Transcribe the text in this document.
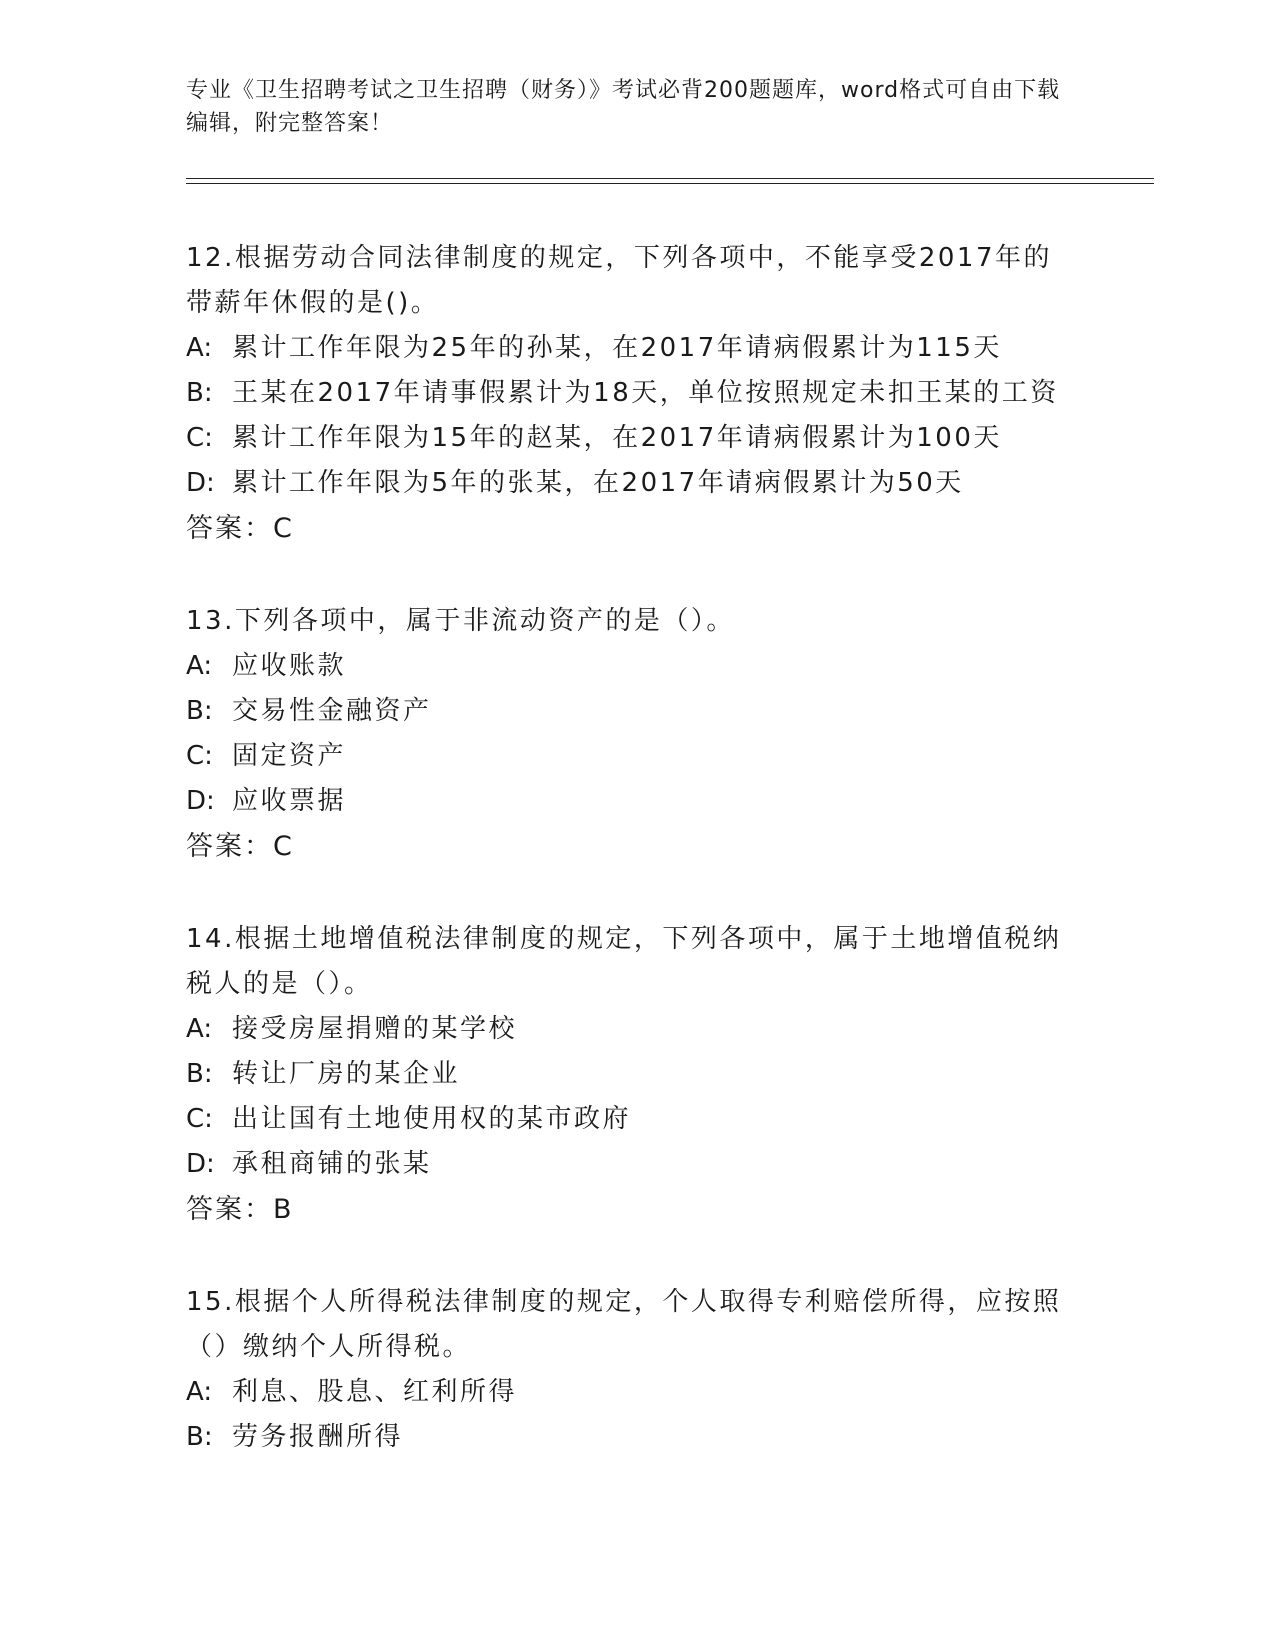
专业《卫生招聘考试之卫生招聘（财务）》考试必背200题题库，word格式可自由下载编辑，附完整答案！

12.根据劳动合同法律制度的规定，下列各项中，不能享受2017年的带薪年休假的是()。

A: 累计工作年限为25年的孙某，在2017年请病假累计为115天

B: 王某在2017年请事假累计为18天，单位按照规定未扣王某的工资

C: 累计工作年限为15年的赵某，在2017年请病假累计为100天

D: 累计工作年限为5年的张某，在2017年请病假累计为50天

答案：C

13.下列各项中，属于非流动资产的是（）。

A: 应收账款

B: 交易性金融资产

C: 固定资产

D: 应收票据

答案：C

14.根据土地增值税法律制度的规定，下列各项中，属于土地增值税纳税人的是（）。

A: 接受房屋捐赠的某学校

B: 转让厂房的某企业

C: 出让国有土地使用权的某市政府

D: 承租商铺的张某

答案：B

15.根据个人所得税法律制度的规定，个人取得专利赔偿所得，应按照（）缴纳个人所得税。

A: 利息、股息、红利所得

B: 劳务报酬所得
